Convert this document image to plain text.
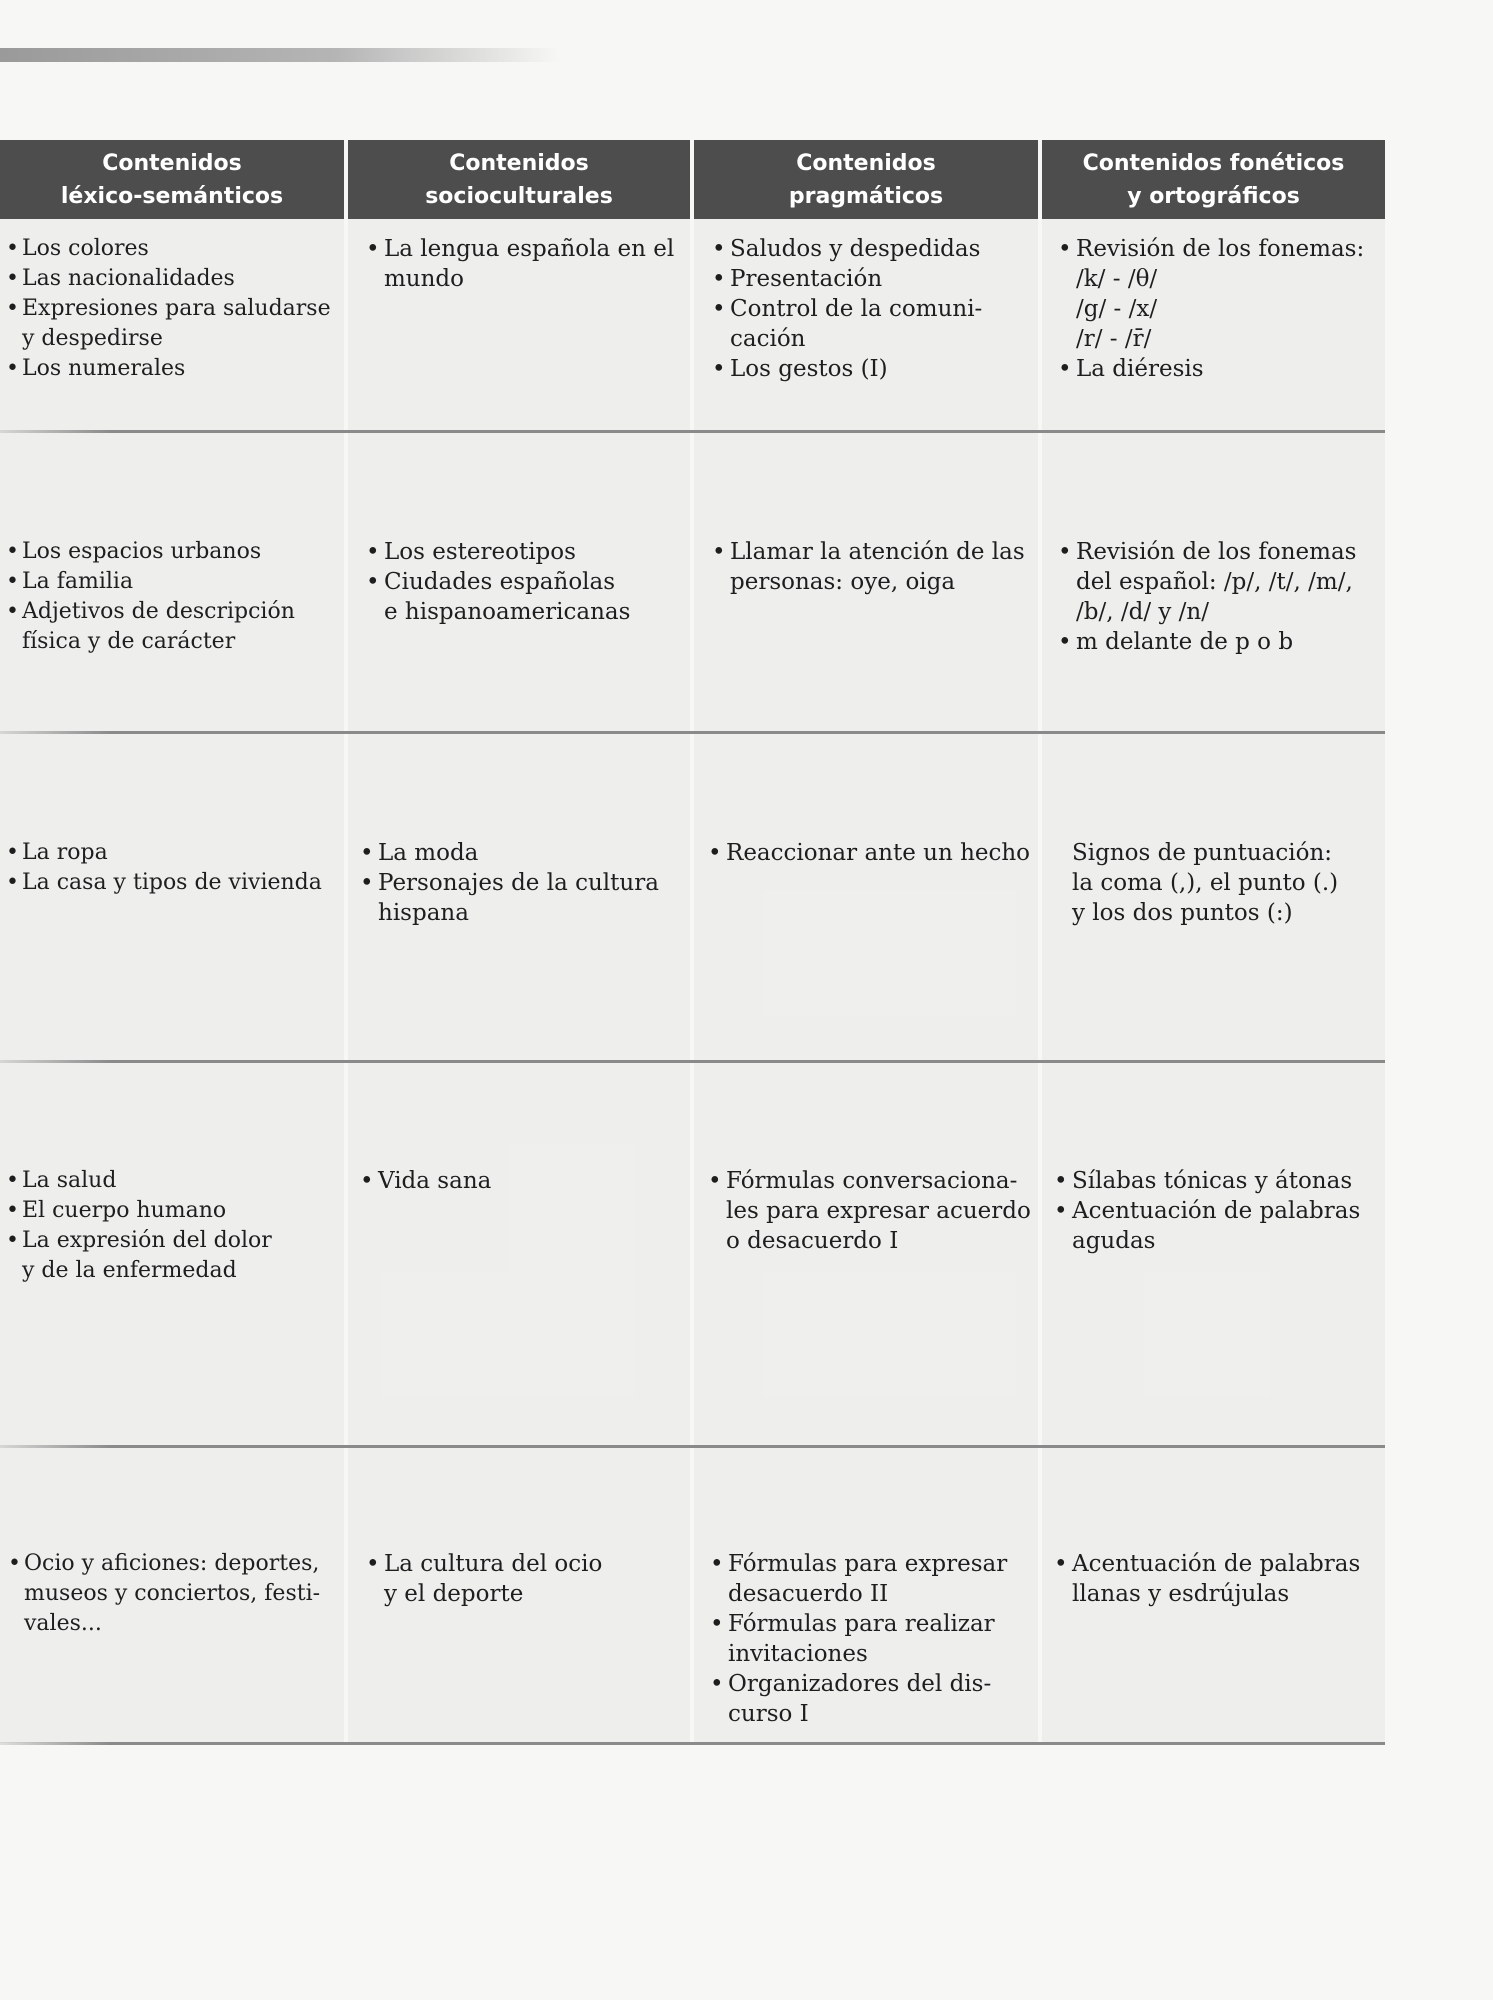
Contenidos
léxico-semánticos
Contenidos
socioculturales
Contenidos
pragmáticos
Contenidos fonéticos
y ortográficos
• Los colores
• Las nacionalidades
• Expresiones para saludarse
y despedirse
• Los numerales
• La lengua española en el
mundo
• Saludos y despedidas
• Presentación
• Control de la comuni-
cación
• Los gestos (I)
• Revisión de los fonemas:
/k/ - /θ/
/g/ - /x/
/r/ - /r̄/
• La diéresis
• Los espacios urbanos
• La familia
• Adjetivos de descripción
física y de carácter
• Los estereotipos
• Ciudades españolas
e hispanoamericanas
• Llamar la atención de las
personas: oye, oiga
• Revisión de los fonemas
del español: /p/, /t/, /m/,
/b/, /d/ y /n/
• m delante de p o b
• La ropa
• La casa y tipos de vivienda
• La moda
• Personajes de la cultura
hispana
• Reaccionar ante un hecho	Signos de puntuación:
la coma (,), el punto (.)
y los dos puntos (:)
• La salud
• El cuerpo humano
• La expresión del dolor
y de la enfermedad
• Vida sana
•	Fórmulas conversaciona-
les para expresar acuerdo
o desacuerdo I
• Sílabas tónicas y átonas
• Acentuación de palabras
agudas
• Ocio y aficiones: deportes,
museos y conciertos, festi-
vales...
• La cultura del ocio
y el deporte
• Fórmulas para expresar
desacuerdo II
• Fórmulas para realizar
invitaciones
• Organizadores del dis-
curso I
• Acentuación de palabras
llanas y esdrújulas
